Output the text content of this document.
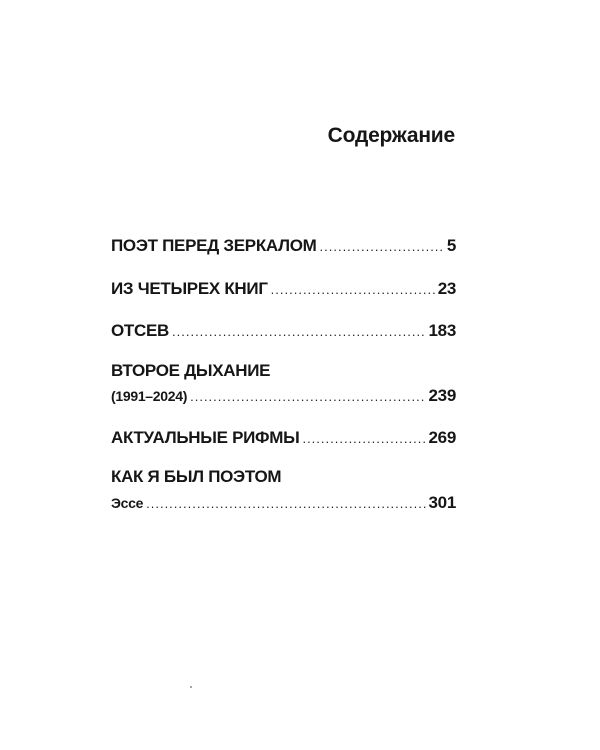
Содержание
ПОЭТ ПЕРЕД ЗЕРКАЛОМ .....	5
ИЗ ЧЕТЫРЕХ КНИГ .....	23
ОТСЕВ .....	183
ВТОРОЕ ДЫХАНИЕ
(1991–2024) .....	239
АКТУАЛЬНЫЕ РИФМЫ .....	269
КАК Я БЫЛ ПОЭТОМ
Эссе .....	301
